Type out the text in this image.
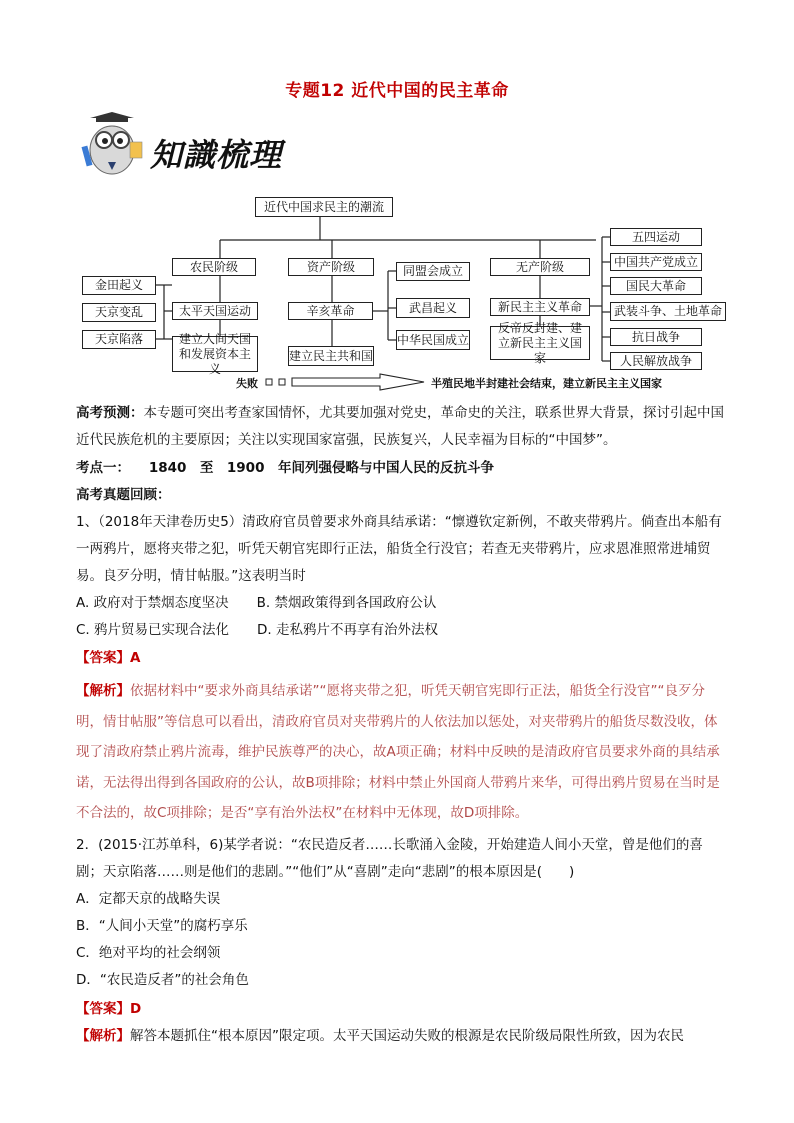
专题12 近代中国的民主革命
知識梳理
近代中国求民主的潮流
农民阶级
金田起义
天京变乱
天京陷落
太平天国运动
建立人间天国和发展资本主义
资产阶级
辛亥革命
建立民主共和国
同盟会成立
武昌起义
中华民国成立
无产阶级
新民主主义革命
反帝反封建、建立新民主主义国家
五四运动
中国共产党成立
国民大革命
武装斗争、土地革命
抗日战争
人民解放战争
失败	半殖民地半封建社会结束，建立新民主主义国家
高考预测：本专题可突出考查家国情怀，尤其要加强对党史，革命史的关注，联系世界大背景，探讨引起中国近代民族危机的主要原因；关注以实现国家富强，民族复兴，人民幸福为目标的“中国梦”。
考点一： 1840　至　1900　年间列强侵略与中国人民的反抗斗争
高考真题回顾：
1、（2018年天津卷历史5）清政府官员曾要求外商具结承诺：“懔遵钦定新例，不敢夹带鸦片。倘查出本船有一两鸦片，愿将夹带之犯，听凭天朝官宪即行正法，船货全行没官；若查无夹带鸦片，应求恩准照常进埔贸易。良歹分明，情甘帖服。”这表明当时
A. 政府对于禁烟态度坚决 B. 禁烟政策得到各国政府公认
C. 鸦片贸易已实现合法化 D. 走私鸦片不再享有治外法权
【答案】A
【解析】依据材料中“要求外商具结承诺”“愿将夹带之犯，听凭天朝官宪即行正法，船货全行没官”“良歹分明，情甘帖服”等信息可以看出，清政府官员对夹带鸦片的人依法加以惩处，对夹带鸦片的船货尽数没收，体现了清政府禁止鸦片流毒，维护民族尊严的决心，故A项正确；材料中反映的是清政府官员要求外商的具结承诺，无法得出得到各国政府的公认，故B项排除；材料中禁止外国商人带鸦片来华，可得出鸦片贸易在当时是不合法的，故C项排除；是否“享有治外法权”在材料中无体现，故D项排除。
2．(2015·江苏单科，6)某学者说：“农民造反者……长歌涌入金陵，开始建造人间小天堂，曾是他们的喜剧；天京陷落……则是他们的悲剧。”“他们”从“喜剧”走向“悲剧”的根本原因是(　　)
A．定都天京的战略失误
B．“人间小天堂”的腐朽享乐
C．绝对平均的社会纲领
D．“农民造反者”的社会角色
【答案】D
【解析】解答本题抓住“根本原因”限定项。太平天国运动失败的根源是农民阶级局限性所致，因为农民
